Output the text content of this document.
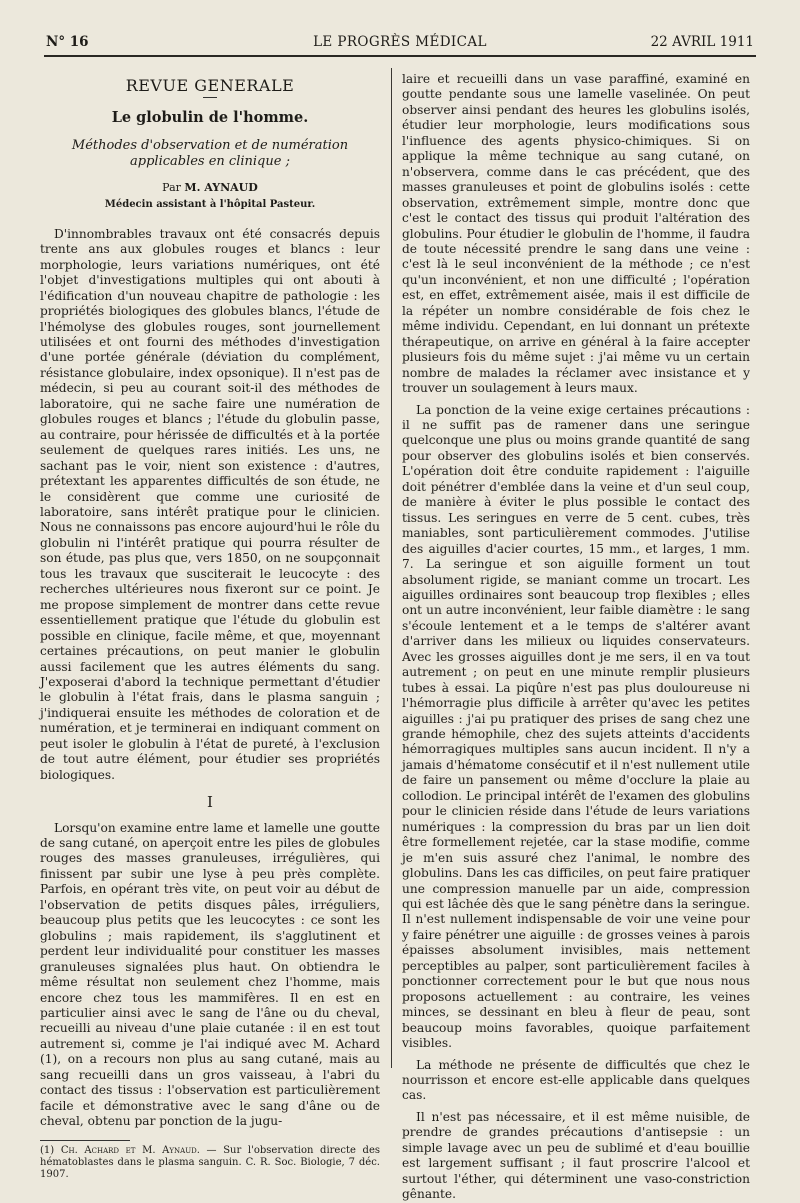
N° 16	LE PROGRÈS MÉDICAL	22 AVRIL 1911
REVUE GENERALE
Le globulin de l'homme.
Méthodes d'observation et de numération applicables en clinique ;
Par M. AYNAUD
Médecin assistant à l'hôpital Pasteur.

D'innombrables travaux ont été consacrés depuis trente ans aux globules rouges et blancs : leur morphologie, leurs variations numériques, ont été l'objet d'investigations multiples qui ont abouti à l'édification d'un nouveau chapitre de pathologie : les propriétés biologiques des globules blancs, l'étude de l'hémolyse des globules rouges, sont journellement utilisées et ont fourni des méthodes d'investigation d'une portée générale (déviation du complément, résistance globulaire, index opsonique). Il n'est pas de médecin, si peu au courant soit-il des méthodes de laboratoire, qui ne sache faire une numération de globules rouges et blancs ; l'étude du globulin passe, au contraire, pour hérissée de difficultés et à la portée seulement de quelques rares initiés. Les uns, ne sachant pas le voir, nient son existence : d'autres, prétextant les apparentes difficultés de son étude, ne le considèrent que comme une curiosité de laboratoire, sans intérêt pratique pour le clinicien. Nous ne connaissons pas encore aujourd'hui le rôle du globulin ni l'intérêt pratique qui pourra résulter de son étude, pas plus que, vers 1850, on ne soupçonnait tous les travaux que susciterait le leucocyte : des recherches ultérieures nous fixeront sur ce point. Je me propose simplement de montrer dans cette revue essentiellement pratique que l'étude du globulin est possible en clinique, facile même, et que, moyennant certaines précautions, on peut manier le globulin aussi facilement que les autres éléments du sang. J'exposerai d'abord la technique permettant d'étudier le globulin à l'état frais, dans le plasma sanguin ; j'indiquerai ensuite les méthodes de coloration et de numération, et je terminerai en indiquant comment on peut isoler le globulin à l'état de pureté, à l'exclusion de tout autre élément, pour étudier ses propriétés biologiques.

I

Lorsqu'on examine entre lame et lamelle une goutte de sang cutané, on aperçoit entre les piles de globules rouges des masses granuleuses, irrégulières, qui finissent par subir une lyse à peu près complète. Parfois, en opérant très vite, on peut voir au début de l'observation de petits disques pâles, irréguliers, beaucoup plus petits que les leucocytes : ce sont les globulins ; mais rapidement, ils s'agglutinent et perdent leur individualité pour constituer les masses granuleuses signalées plus haut. On obtiendra le même résultat non seulement chez l'homme, mais encore chez tous les mammifères. Il en est en particulier ainsi avec le sang de l'âne ou du cheval, recueilli au niveau d'une plaie cutanée : il en est tout autrement si, comme je l'ai indiqué avec M. Achard (1), on a recours non plus au sang cutané, mais au sang recueilli dans un gros vaisseau, à l'abri du contact des tissus : l'observation est particulièrement facile et démonstrative avec le sang d'âne ou de cheval, obtenu par ponction de la jugu-

(1) Ch. Achard et M. Aynaud. — Sur l'observation directe des hématoblastes dans le plasma sanguin. C. R. Soc. Biologie, 7 déc. 1907.

laire et recueilli dans un vase paraffiné, examiné en goutte pendante sous une lamelle vaselinée. On peut observer ainsi pendant des heures les globulins isolés, étudier leur morphologie, leurs modifications sous l'influence des agents physico-chimiques. Si on applique la même technique au sang cutané, on n'observera, comme dans le cas précédent, que des masses granuleuses et point de globulins isolés : cette observation, extrêmement simple, montre donc que c'est le contact des tissus qui produit l'altération des globulins. Pour étudier le globulin de l'homme, il faudra de toute nécessité prendre le sang dans une veine : c'est là le seul inconvénient de la méthode ; ce n'est qu'un inconvénient, et non une difficulté ; l'opération est, en effet, extrêmement aisée, mais il est difficile de la répéter un nombre considérable de fois chez le même individu. Cependant, en lui donnant un prétexte thérapeutique, on arrive en général à la faire accepter plusieurs fois du même sujet : j'ai même vu un certain nombre de malades la réclamer avec insistance et y trouver un soulagement à leurs maux.

La ponction de la veine exige certaines précautions : il ne suffit pas de ramener dans une seringue quelconque une plus ou moins grande quantité de sang pour observer des globulins isolés et bien conservés. L'opération doit être conduite rapidement : l'aiguille doit pénétrer d'emblée dans la veine et d'un seul coup, de manière à éviter le plus possible le contact des tissus. Les seringues en verre de 5 cent. cubes, très maniables, sont particulièrement commodes. J'utilise des aiguilles d'acier courtes, 15 mm., et larges, 1 mm. 7. La seringue et son aiguille forment un tout absolument rigide, se maniant comme un trocart. Les aiguilles ordinaires sont beaucoup trop flexibles ; elles ont un autre inconvénient, leur faible diamètre : le sang s'écoule lentement et a le temps de s'altérer avant d'arriver dans les milieux ou liquides conservateurs. Avec les grosses aiguilles dont je me sers, il en va tout autrement ; on peut en une minute remplir plusieurs tubes à essai. La piqûre n'est pas plus douloureuse ni l'hémorragie plus difficile à arrêter qu'avec les petites aiguilles : j'ai pu pratiquer des prises de sang chez une grande hémophile, chez des sujets atteints d'accidents hémorragiques multiples sans aucun incident. Il n'y a jamais d'hématome consécutif et il n'est nullement utile de faire un pansement ou même d'occlure la plaie au collodion. Le principal intérêt de l'examen des globulins pour le clinicien réside dans l'étude de leurs variations numériques : la compression du bras par un lien doit être formellement rejetée, car la stase modifie, comme je m'en suis assuré chez l'animal, le nombre des globulins. Dans les cas difficiles, on peut faire pratiquer une compression manuelle par un aide, compression qui est lâchée dès que le sang pénètre dans la seringue. Il n'est nullement indispensable de voir une veine pour y faire pénétrer une aiguille : de grosses veines à parois épaisses absolument invisibles, mais nettement perceptibles au palper, sont particulièrement faciles à ponctionner correctement pour le but que nous nous proposons actuellement : au contraire, les veines minces, se dessinant en bleu à fleur de peau, sont beaucoup moins favorables, quoique parfaitement visibles.

La méthode ne présente de difficultés que chez le nourrisson et encore est-elle applicable dans quelques cas.

Il n'est pas nécessaire, et il est même nuisible, de prendre de grandes précautions d'antisepsie : un simple lavage avec un peu de sublimé et d'eau bouillie est largement suffisant ; il faut proscrire l'alcool et surtout l'éther, qui déterminent une vaso-constriction gênante.
